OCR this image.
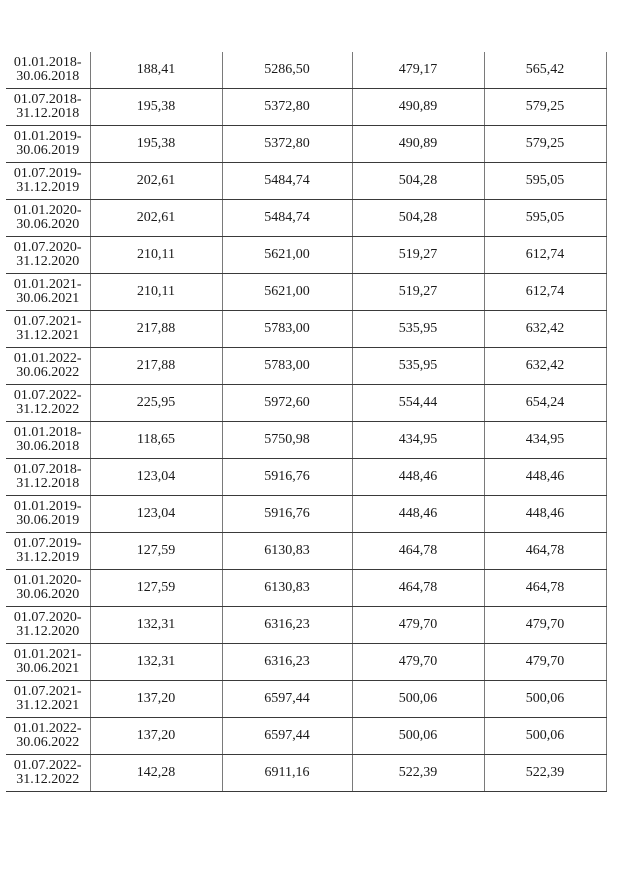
01.01.2018-
30.06.2018	188,41	5286,50	479,17	565,42

01.07.2018-
31.12.2018	195,38	5372,80	490,89	579,25

01.01.2019-
30.06.2019	195,38	5372,80	490,89	579,25

01.07.2019-
31.12.2019	202,61	5484,74	504,28	595,05

01.01.2020-
30.06.2020	202,61	5484,74	504,28	595,05

01.07.2020-
31.12.2020	210,11	5621,00	519,27	612,74

01.01.2021-
30.06.2021	210,11	5621,00	519,27	612,74

01.07.2021-
31.12.2021	217,88	5783,00	535,95	632,42

01.01.2022-
30.06.2022	217,88	5783,00	535,95	632,42

01.07.2022-
31.12.2022	225,95	5972,60	554,44	654,24

01.01.2018-
30.06.2018	118,65	5750,98	434,95	434,95

01.07.2018-
31.12.2018	123,04	5916,76	448,46	448,46

01.01.2019-
30.06.2019	123,04	5916,76	448,46	448,46

01.07.2019-
31.12.2019	127,59	6130,83	464,78	464,78

01.01.2020-
30.06.2020	127,59	6130,83	464,78	464,78

01.07.2020-
31.12.2020	132,31	6316,23	479,70	479,70

01.01.2021-
30.06.2021	132,31	6316,23	479,70	479,70

01.07.2021-
31.12.2021	137,20	6597,44	500,06	500,06

01.01.2022-
30.06.2022	137,20	6597,44	500,06	500,06

01.07.2022-
31.12.2022	142,28	6911,16	522,39	522,39
